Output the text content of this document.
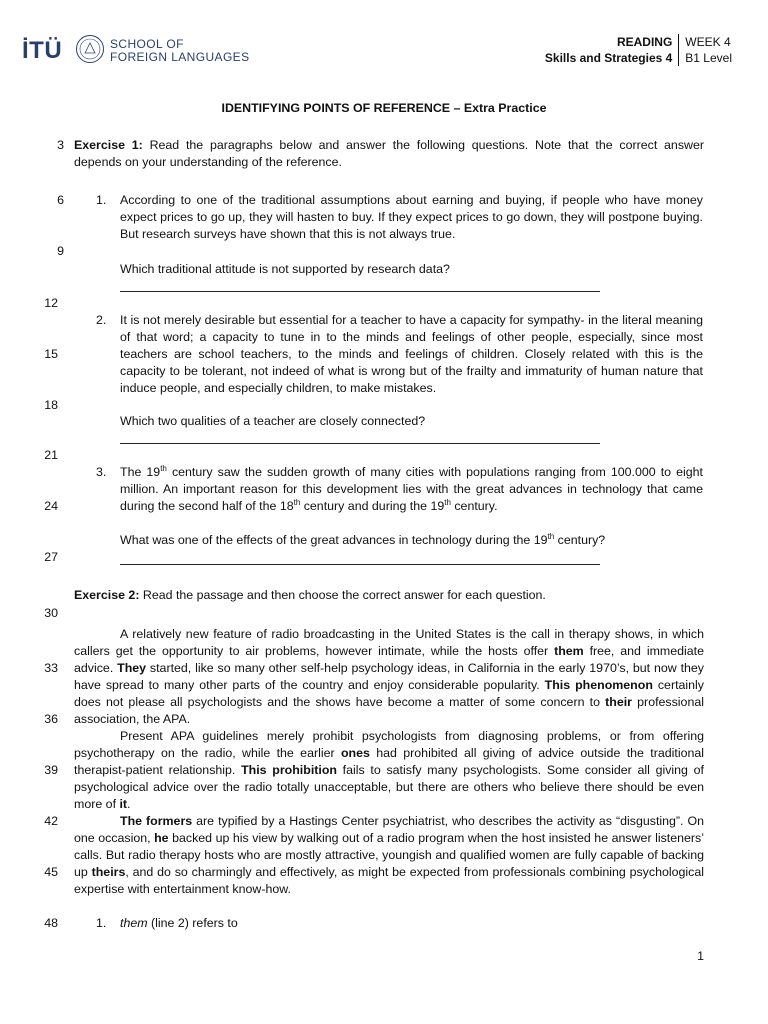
İTÜ	SCHOOL OF
FOREIGN LANGUAGES
READING
Skills and Strategies 4
WEEK 4
B1 Level
IDENTIFYING POINTS OF REFERENCE – Extra Practice
3
6
9
12
15
18
21
24
27
30
33
36
39
42
45
48
Exercise 1: Read the paragraphs below and answer the following questions. Note that the correct answer depends on your understanding of the reference.
1.	According to one of the traditional assumptions about earning and buying, if people who have money expect prices to go up, they will hasten to buy. If they expect prices to go down, they will postpone buying. But research surveys have shown that this is not always true.
Which traditional attitude is not supported by research data?
2.	It is not merely desirable but essential for a teacher to have a capacity for sympathy- in the literal meaning of that word; a capacity to tune in to the minds and feelings of other people, especially, since most teachers are school teachers, to the minds and feelings of children. Closely related with this is the capacity to be tolerant, not indeed of what is wrong but of the frailty and immaturity of human nature that induce people, and especially children, to make mistakes.
Which two qualities of a teacher are closely connected?
3.	The 19th century saw the sudden growth of many cities with populations ranging from 100.000 to eight million. An important reason for this development lies with the great advances in technology that came during the second half of the 18th century and during the 19th century.
What was one of the effects of the great advances in technology during the 19th century?
Exercise 2: Read the passage and then choose the correct answer for each question.
A relatively new feature of radio broadcasting in the United States is the call in therapy shows, in which callers get the opportunity to air problems, however intimate, while the hosts offer them free, and immediate advice. They started, like so many other self-help psychology ideas, in California in the early 1970’s, but now they have spread to many other parts of the country and enjoy considerable popularity. This phenomenon certainly does not please all psychologists and the shows have become a matter of some concern to their professional association, the APA.
Present APA guidelines merely prohibit psychologists from diagnosing problems, or from offering psychotherapy on the radio, while the earlier ones had prohibited all giving of advice outside the traditional therapist-patient relationship. This prohibition fails to satisfy many psychologists. Some consider all giving of psychological advice over the radio totally unacceptable, but there are others who believe there should be even more of it.
The formers are typified by a Hastings Center psychiatrist, who describes the activity as “disgusting”. On one occasion, he backed up his view by walking out of a radio program when the host insisted he answer listeners’ calls. But radio therapy hosts who are mostly attractive, youngish and qualified women are fully capable of backing up theirs, and do so charmingly and effectively, as might be expected from professionals combining psychological expertise with entertainment know-how.
1.	them (line 2) refers to
1
